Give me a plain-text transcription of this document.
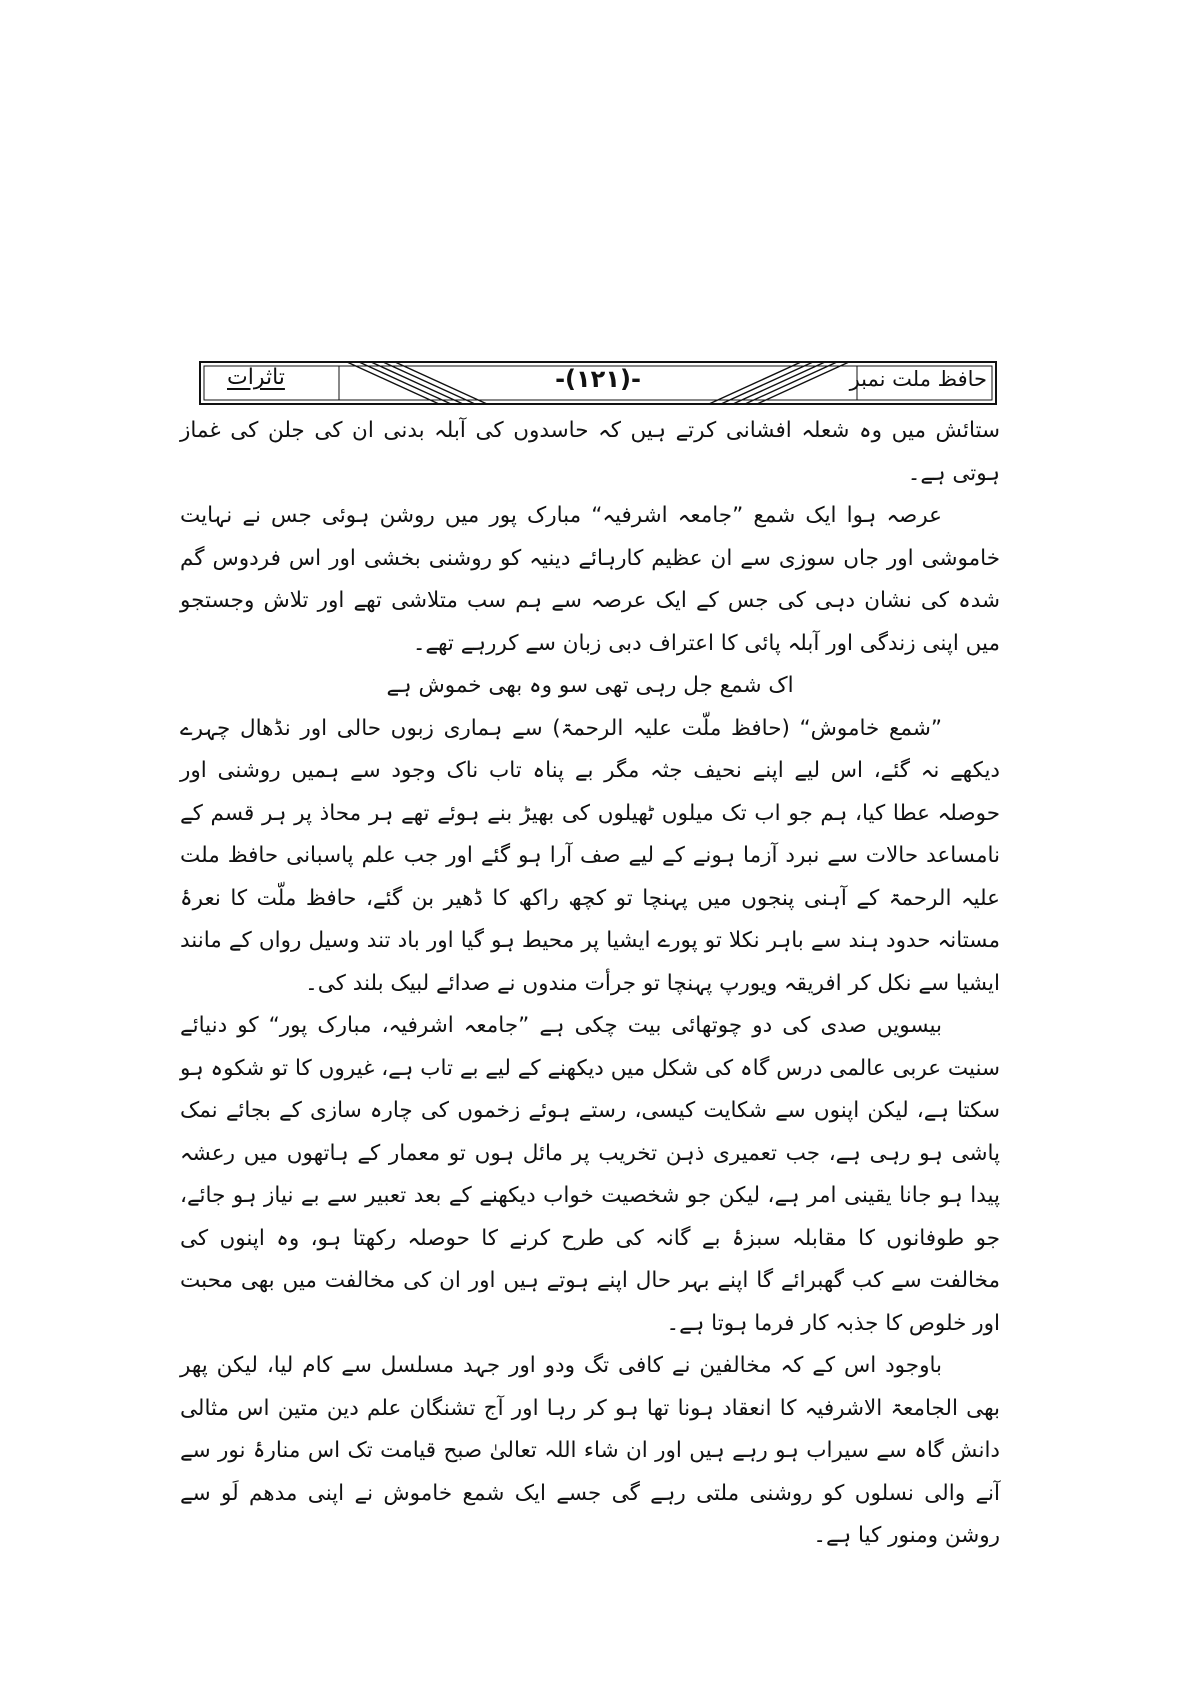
حافظ ملت نمبر
-(۱۲۱)-
تاثرات

ستائش میں وہ شعلہ افشانی کرتے ہیں کہ حاسدوں کی آبلہ بدنی ان کی جلن کی غماز ہوتی ہے۔

عرصہ ہوا ایک شمع ”جامعہ اشرفیہ“ مبارک پور میں روشن ہوئی جس نے نہایت خاموشی اور جاں سوزی سے ان عظیم کارہائے دینیہ کو روشنی بخشی اور اس فردوس گم شدہ کی نشان دہی کی جس کے ایک عرصہ سے ہم سب متلاشی تھے اور تلاش وجستجو میں اپنی زندگی اور آبلہ پائی کا اعتراف دبی زبان سے کررہے تھے۔

اک شمع جل رہی تھی سو وہ بھی خموش ہے

”شمع خاموش“ (حافظ ملّت علیہ الرحمۃ) سے ہماری زبوں حالی اور نڈھال چہرے دیکھے نہ گئے، اس لیے اپنے نحیف جثہ مگر بے پناہ تاب ناک وجود سے ہمیں روشنی اور حوصلہ عطا کیا، ہم جو اب تک میلوں ٹھیلوں کی بھیڑ بنے ہوئے تھے ہر محاذ پر ہر قسم کے نامساعد حالات سے نبرد آزما ہونے کے لیے صف آرا ہو گئے اور جب علم پاسبانی حافظ ملت علیہ الرحمۃ کے آہنی پنجوں میں پہنچا تو کچھ راکھ کا ڈھیر بن گئے، حافظ ملّت کا نعرۂ مستانہ حدود ہند سے باہر نکلا تو پورے ایشیا پر محیط ہو گیا اور باد تند وسیل رواں کے مانند ایشیا سے نکل کر افریقہ ویورپ پہنچا تو جرأت مندوں نے صدائے لبیک بلند کی۔

بیسویں صدی کی دو چوتھائی بیت چکی ہے ”جامعہ اشرفیہ، مبارک پور“ کو دنیائے سنیت عربی عالمی درس گاہ کی شکل میں دیکھنے کے لیے بے تاب ہے، غیروں کا تو شکوہ ہو سکتا ہے، لیکن اپنوں سے شکایت کیسی، رستے ہوئے زخموں کی چارہ سازی کے بجائے نمک پاشی ہو رہی ہے، جب تعمیری ذہن تخریب پر مائل ہوں تو معمار کے ہاتھوں میں رعشہ پیدا ہو جانا یقینی امر ہے، لیکن جو شخصیت خواب دیکھنے کے بعد تعبیر سے بے نیاز ہو جائے، جو طوفانوں کا مقابلہ سبزۂ بے گانہ کی طرح کرنے کا حوصلہ رکھتا ہو، وہ اپنوں کی مخالفت سے کب گھبرائے گا اپنے بہر حال اپنے ہوتے ہیں اور ان کی مخالفت میں بھی محبت اور خلوص کا جذبہ کار فرما ہوتا ہے۔

باوجود اس کے کہ مخالفین نے کافی تگ ودو اور جہد مسلسل سے کام لیا، لیکن پھر بھی الجامعۃ الاشرفیہ کا انعقاد ہونا تھا ہو کر رہا اور آج تشنگان علم دین متین اس مثالی دانش گاہ سے سیراب ہو رہے ہیں اور ان شاء اللہ تعالیٰ صبح قیامت تک اس منارۂ نور سے آنے والی نسلوں کو روشنی ملتی رہے گی جسے ایک شمع خاموش نے اپنی مدھم لَو سے روشن ومنور کیا ہے۔
